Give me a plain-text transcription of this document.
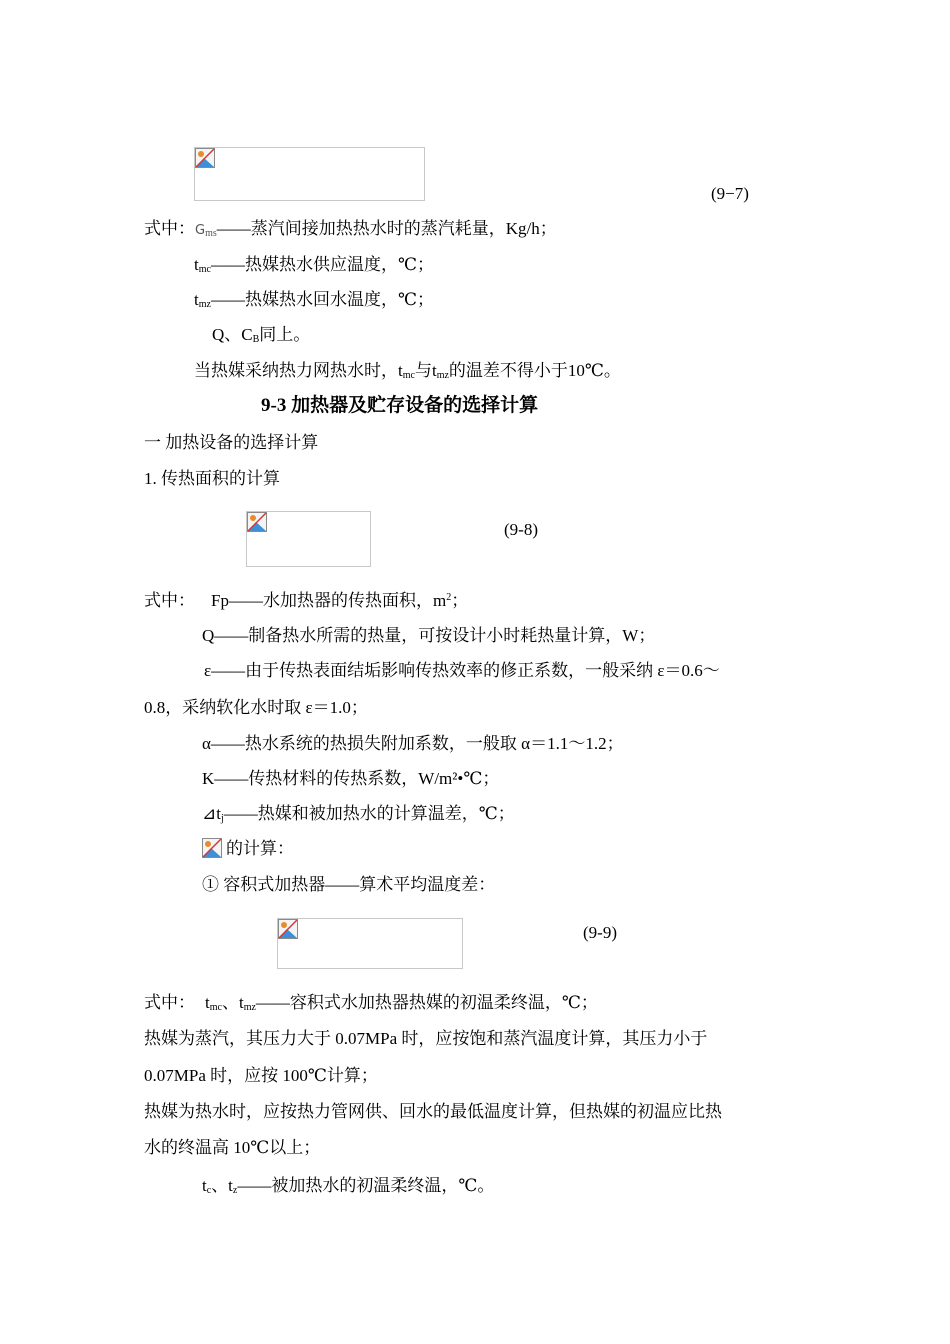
(9−7)
式中：$G_{ms}——$蒸汽间接加热热水时的蒸汽耗量，Kg/h；
$t_{mc}——$热媒热水供应温度，℃；
$t_{mz}——$热媒热水回水温度，℃；
Q、$C_B$同上。
当热媒采纳热力网热水时，$t_{mc}$与$t_{mz}$的温差不得小于10℃。
9-3 加热器及贮存设备的选择计算
一 加热设备的选择计算
1. 传热面积的计算
(9-8)
式中： Fp——水加热器的传热面积，$m^2$；
Q——制备热水所需的热量，可按设计小时耗热量计算，W；
ε——由于传热表面结垢影响传热效率的修正系数，一般采纳 ε＝0.6～
0.8，采纳软化水时取 ε＝1.0；
α——热水系统的热损失附加系数，一般取 α＝1.1～1.2；
K——传热材料的传热系数，W/m²•℃；
$⊿t_j——$热媒和被加热水的计算温差，℃；
的计算：
① 容积式加热器——算术平均温度差：
(9-9)
式中： $t_{mc}$、$t_{mz}——$容积式水加热器热媒的初温柔终温，℃；
热媒为蒸汽，其压力大于 0.07MPa 时，应按饱和蒸汽温度计算，其压力小于
0.07MPa 时，应按 100℃计算；
热媒为热水时，应按热力管网供、回水的最低温度计算，但热媒的初温应比热
水的终温高 10℃以上；
$t_c$、$t_z——$被加热水的初温柔终温，℃。
